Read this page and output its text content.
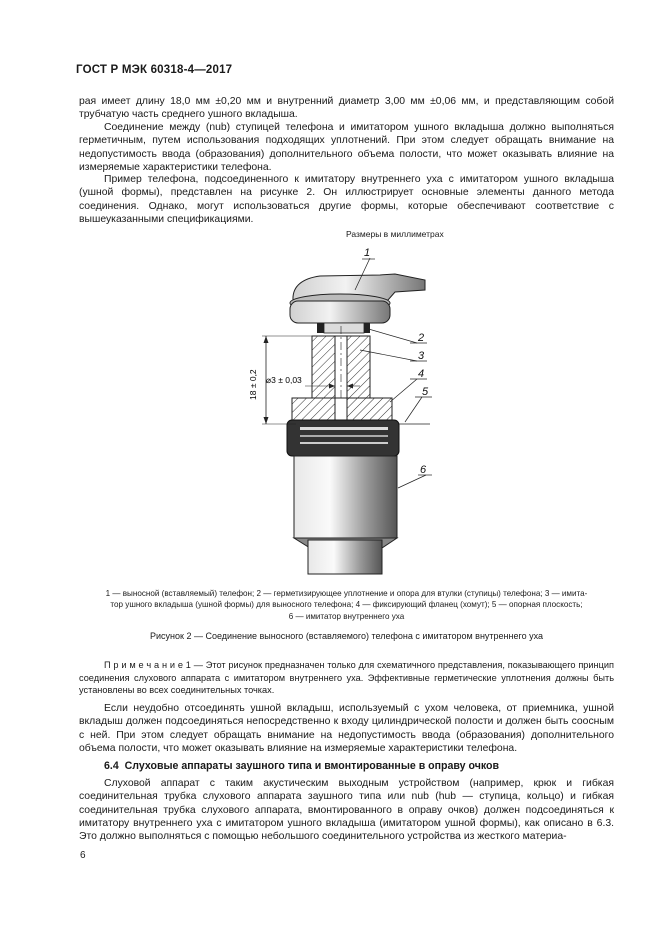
ГОСТ Р МЭК 60318-4—2017
рая имеет длину 18,0 мм ±0,20 мм и внутренний диаметр 3,00 мм ±0,06 мм, и представляющим собой трубчатую часть среднего ушного вкладыша.
Соединение между (nub) ступицей телефона и имитатором ушного вкладыша должно выполняться герметичным, путем использования подходящих уплотнений. При этом следует обращать внимание на недопустимость ввода (образования) дополнительного объема полости, что может оказывать влияние на измеряемые характеристики телефона.
Пример телефона, подсоединенного к имитатору внутреннего уха с имитатором ушного вкладыша (ушной формы), представлен на рисунке 2. Он иллюстрирует основные элементы данного метода соединения. Однако, могут использоваться другие формы, которые обеспечивают соответствие с вышеуказанными спецификациями.
Размеры в миллиметрах
18 ± 0,2 ⌀3 ± 0,03
1
2
3
4
5
6
1 — выносной (вставляемый) телефон; 2 — герметизирующее уплотнение и опора для втулки (ступицы) телефона; 3 — имита-
тор ушного вкладыша (ушной формы) для выносного телефона; 4 — фиксирующий фланец (хомут); 5 — опорная плоскость;
6 — имитатор внутреннего уха
Рисунок 2 — Соединение выносного (вставляемого) телефона с имитатором внутреннего уха
П р и м е ч а н и е 1 — Этот рисунок предназначен только для схематичного представления, показывающего принцип соединения слухового аппарата с имитатором внутреннего уха. Эффективные герметические уплотнения должны быть установлены во всех соединительных точках.
Если неудобно отсоединять ушной вкладыш, используемый с ухом человека, от приемника, ушной вкладыш должен подсоединяться непосредственно к входу цилиндрической полости и должен быть соосным с ней. При этом следует обращать внимание на недопустимость ввода (образования) дополнительного объема полости, что может оказывать влияние на измеряемые характеристики телефона.
6.4 Слуховые аппараты заушного типа и вмонтированные в оправу очков
Слуховой аппарат с таким акустическим выходным устройством (например, крюк и гибкая соединительная трубка слухового аппарата заушного типа или nub (hub — ступица, кольцо) и гибкая соединительная трубка слухового аппарата, вмонтированного в оправу очков) должен подсоединяться к имитатору внутреннего уха с имитатором ушного вкладыша (имитатором ушной формы), как описано в 6.3. Это должно выполняться с помощью небольшого соединительного устройства из жесткого материа-
6
